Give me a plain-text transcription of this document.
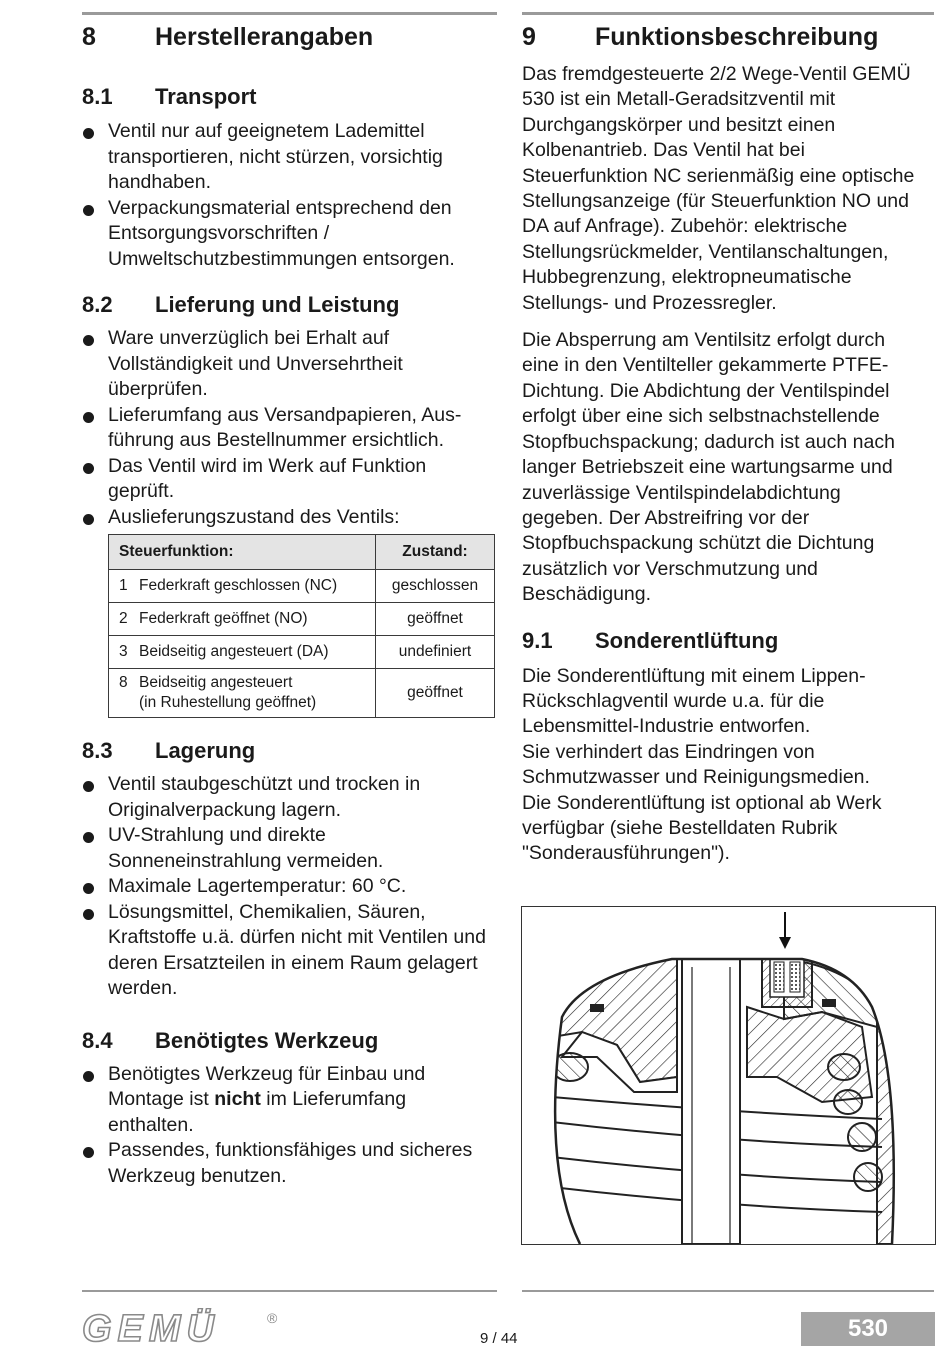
8	Herstellerangaben
8.1	Transport
Ventil nur auf geeignetem Lademittel transportieren, nicht stürzen, vorsichtig handhaben.
Verpackungsmaterial entsprechend den Entsorgungsvorschriften / Umweltschutzbestimmungen entsorgen.
8.2	Lieferung und Leistung
Ware unverzüglich bei Erhalt auf Vollständigkeit und Unversehrtheit überprüfen.
Lieferumfang aus Versandpapieren, Aus-führung aus Bestellnummer ersichtlich.
Das Ventil wird im Werk auf Funktion geprüft.
Auslieferungszustand des Ventils:
Steuerfunktion:	Zustand:
1 Federkraft geschlossen (NC)	geschlossen
2 Federkraft geöffnet (NO)	geöffnet
3 Beidseitig angesteuert (DA)	undefiniert
8 Beidseitig angesteuert
(in Ruhestellung geöffnet)	geöffnet
8.3	Lagerung
Ventil staubgeschützt und trocken in Originalverpackung lagern.
UV-Strahlung und direkte Sonneneinstrahlung vermeiden.
Maximale Lagertemperatur: 60 °C.
Lösungsmittel, Chemikalien, Säuren, Kraftstoffe u.ä. dürfen nicht mit Ventilen und deren Ersatzteilen in einem Raum gelagert werden.
8.4	Benötigtes Werkzeug
Benötigtes Werkzeug für Einbau und Montage ist nicht im Lieferumfang enthalten.
Passendes, funktionsfähiges und sicheres Werkzeug benutzen.
9	Funktionsbeschreibung

Das fremdgesteuerte 2/2 Wege-Ventil GEMÜ 530 ist ein Metall-Geradsitzventil mit Durchgangskörper und besitzt einen Kolbenantrieb. Das Ventil hat bei Steuerfunktion NC serienmäßig eine optische Stellungsanzeige (für Steuerfunktion NO und DA auf Anfrage). Zubehör: elektrische Stellungsrückmelder, Ventilanschaltungen, Hubbegrenzung, elektropneumatische Stellungs- und Prozessregler.

Die Absperrung am Ventilsitz erfolgt durch eine in den Ventilteller gekammerte PTFE-Dichtung. Die Abdichtung der Ventilspindel erfolgt über eine sich selbstnachstellende Stopfbuchspackung; dadurch ist auch nach langer Betriebszeit eine wartungsarme und zuverlässige Ventilspindelabdichtung gegeben. Der Abstreifring vor der Stopfbuchspackung schützt die Dichtung zusätzlich vor Verschmutzung und Beschädigung.

9.1	Sonderentlüftung

Die Sonderentlüftung mit einem Lippen-Rückschlagventil wurde u.a. für die Lebensmittel-Industrie entworfen.
Sie verhindert das Eindringen von Schmutzwasser und Reinigungsmedien.
Die Sonderentlüftung ist optional ab Werk verfügbar (siehe Bestelldaten Rubrik "Sonderausführungen").

GEMÜ	®
9 / 44	530
